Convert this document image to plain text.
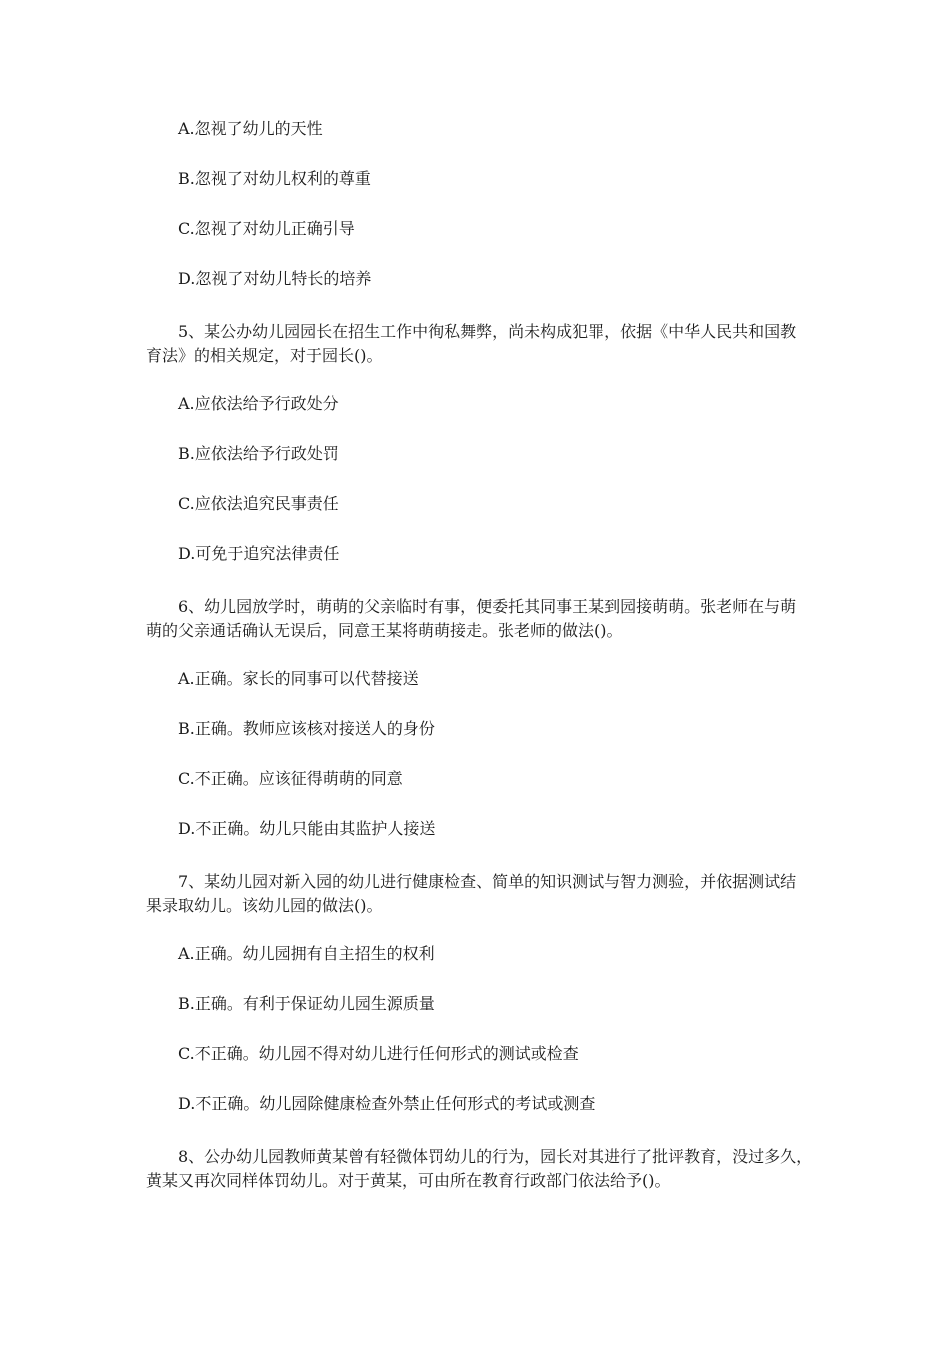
A.忽视了幼儿的天性
B.忽视了对幼儿权利的尊重
C.忽视了对幼儿正确引导
D.忽视了对幼儿特长的培养
5、某公办幼儿园园长在招生工作中徇私舞弊，尚未构成犯罪，依据《中华人民共和国教
育法》的相关规定，对于园长()。
A.应依法给予行政处分
B.应依法给予行政处罚
C.应依法追究民事责任
D.可免于追究法律责任
6、幼儿园放学时，萌萌的父亲临时有事，便委托其同事王某到园接萌萌。张老师在与萌
萌的父亲通话确认无误后，同意王某将萌萌接走。张老师的做法()。
A.正确。家长的同事可以代替接送
B.正确。教师应该核对接送人的身份
C.不正确。应该征得萌萌的同意
D.不正确。幼儿只能由其监护人接送
7、某幼儿园对新入园的幼儿进行健康检查、简单的知识测试与智力测验，并依据测试结
果录取幼儿。该幼儿园的做法()。
A.正确。幼儿园拥有自主招生的权利
B.正确。有利于保证幼儿园生源质量
C.不正确。幼儿园不得对幼儿进行任何形式的测试或检查
D.不正确。幼儿园除健康检查外禁止任何形式的考试或测查
8、公办幼儿园教师黄某曾有轻微体罚幼儿的行为，园长对其进行了批评教育，没过多久，
黄某又再次同样体罚幼儿。对于黄某，可由所在教育行政部门依法给予()。
